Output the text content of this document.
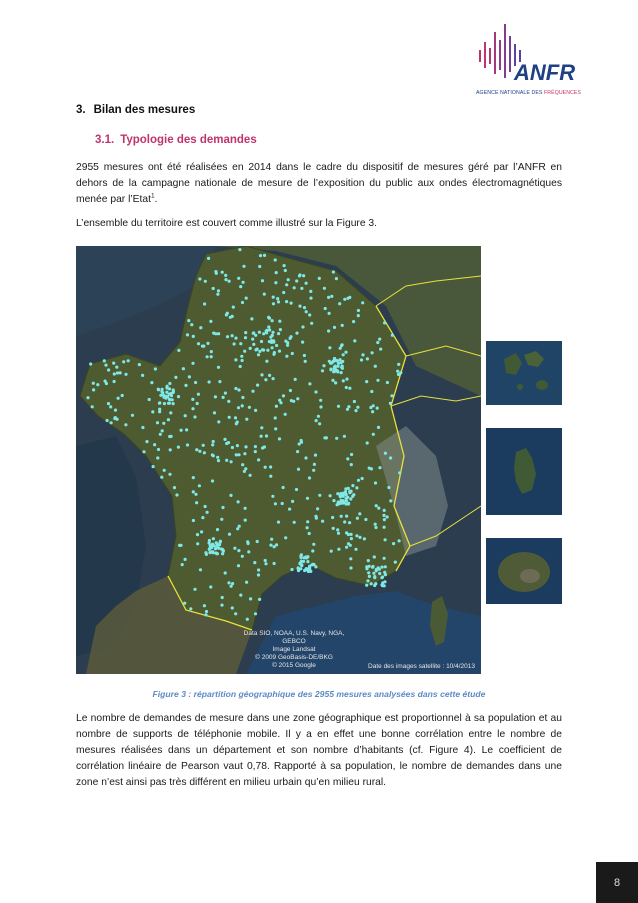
ANFR
AGENCE NATIONALE DES FRÉQUENCES
3. Bilan des mesures
3.1. Typologie des demandes
2955 mesures ont été réalisées en 2014 dans le cadre du dispositif de mesures géré par l’ANFR en dehors de la campagne nationale de mesure de l’exposition du public aux ondes électromagnétiques menée par l’Etat$^1$.
L’ensemble du territoire est couvert comme illustré sur la Figure 3.
Data SIO, NOAA, U.S. Navy, NGA, GEBCO
Image Landsat
© 2009 GeoBasis-DE/BKG
© 2015 Google	Date des images satellite : 10/4/2013
Figure 3 : répartition géographique des 2955 mesures analysées dans cette étude
Le nombre de demandes de mesure dans une zone géographique est proportionnel à sa population et au nombre de supports de téléphonie mobile. Il y a en effet une bonne corrélation entre le nombre de mesures réalisées dans un département et son nombre d’habitants (cf. Figure 4). Le coefficient de corrélation linéaire de Pearson vaut 0,78. Rapporté à sa population, le nombre de demandes dans une zone n’est ainsi pas très différent en milieu urbain qu’en milieu rural.
8
